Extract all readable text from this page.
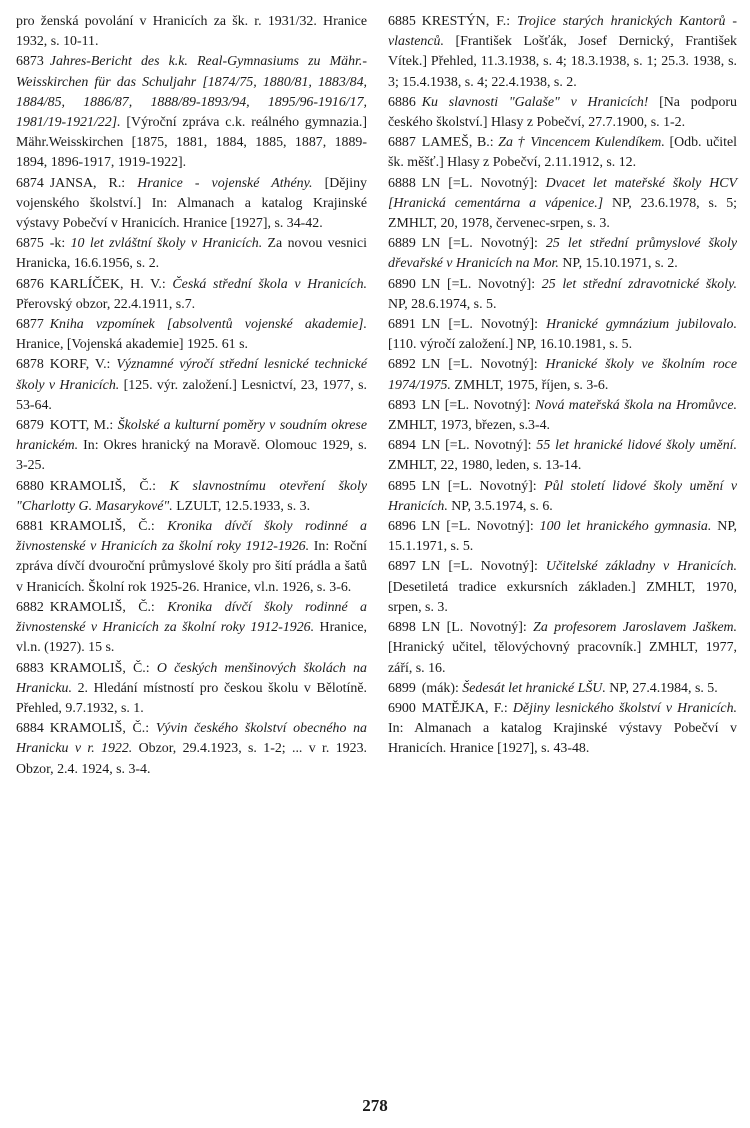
pro ženská povolání v Hranicích za šk. r. 1931/32. Hranice 1932, s. 10-11.

6873 Jahres-Bericht des k.k. Real-Gymnasiums zu Mähr.-Weisskirchen für das Schuljahr [1874/75, 1880/81, 1883/84, 1884/85, 1886/87, 1888/89-1893/94, 1895/96-1916/17, 1981/19-1921/22]. [Výroční zpráva c.k. reálného gymnazia.] Mähr.Weisskirchen [1875, 1881, 1884, 1885, 1887, 1889-1894, 1896-1917, 1919-1922].

6874 JANSA, R.: Hranice - vojenské Athény. [Dějiny vojenského školství.] In: Almanach a katalog Krajinské výstavy Pobečví v Hranicích. Hranice [1927], s. 34-42.

6875 -k: 10 let zvláštní školy v Hranicích. Za novou vesnici Hranicka, 16.6.1956, s. 2.

6876 KARLÍČEK, H. V.: Česká střední škola v Hranicích. Přerovský obzor, 22.4.1911, s.7.

6877 Kniha vzpomínek [absolventů vojenské akademie]. Hranice, [Vojenská akademie] 1925. 61 s.

6878 KORF, V.: Významné výročí střední lesnické technické školy v Hranicích. [125. výr. založení.] Lesnictví, 23, 1977, s. 53-64.

6879 KOTT, M.: Školské a kulturní poměry v soudním okrese hranickém. In: Okres hranický na Moravě. Olomouc 1929, s. 3-25.

6880 KRAMOLIŠ, Č.: K slavnostnímu otevření školy "Charlotty G. Masarykové". LZULT, 12.5.1933, s. 3.

6881 KRAMOLIŠ, Č.: Kronika dívčí školy rodinné a živnostenské v Hranicích za školní roky 1912-1926. In: Roční zpráva dívčí dvouroční průmyslové školy pro šití prádla a šatů v Hranicích. Školní rok 1925-26. Hranice, vl.n. 1926, s. 3-6.

6882 KRAMOLIŠ, Č.: Kronika dívčí školy rodinné a živnostenské v Hranicích za školní roky 1912-1926. Hranice, vl.n. (1927). 15 s.

6883 KRAMOLIŠ, Č.: O českých menšinových školách na Hranicku. 2. Hledání místností pro českou školu v Bělotíně. Přehled, 9.7.1932, s. 1.

6884 KRAMOLIŠ, Č.: Vývin českého školství obecného na Hranicku v r. 1922. Obzor, 29.4.1923, s. 1-2; ... v r. 1923. Obzor, 2.4. 1924, s. 3-4.

6885 KRESTÝN, F.: Trojice starých hranických Kantorů - vlastenců. [František Lošťák, Josef Dernický, František Vítek.] Přehled, 11.3.1938, s. 4; 18.3.1938, s. 1; 25.3. 1938, s. 3; 15.4.1938, s. 4; 22.4.1938, s. 2.

6886 Ku slavnosti "Galaše" v Hranicích! [Na podporu českého školství.] Hlasy z Pobečví, 27.7.1900, s. 1-2.

6887 LAMEŠ, B.: Za † Vincencem Kulendíkem. [Odb. učitel šk. měšť.] Hlasy z Pobečví, 2.11.1912, s. 12.

6888 LN [=L. Novotný]: Dvacet let mateřské školy HCV [Hranická cementárna a vápenice.] NP, 23.6.1978, s. 5; ZMHLT, 20, 1978, červenec-srpen, s. 3.

6889 LN [=L. Novotný]: 25 let střední průmyslové školy dřevařské v Hranicích na Mor. NP, 15.10.1971, s. 2.

6890 LN [=L. Novotný]: 25 let střední zdravotnické školy. NP, 28.6.1974, s. 5.

6891 LN [=L. Novotný]: Hranické gymnázium jubilovalo. [110. výročí založení.] NP, 16.10.1981, s. 5.

6892 LN [=L. Novotný]: Hranické školy ve školním roce 1974/1975. ZMHLT, 1975, říjen, s. 3-6.

6893 LN [=L. Novotný]: Nová mateřská škola na Hromůvce. ZMHLT, 1973, březen, s.3-4.

6894 LN [=L. Novotný]: 55 let hranické lidové školy umění. ZMHLT, 22, 1980, leden, s. 13-14.

6895 LN [=L. Novotný]: Půl století lidové školy umění v Hranicích. NP, 3.5.1974, s. 6.

6896 LN [=L. Novotný]: 100 let hranického gymnasia. NP, 15.1.1971, s. 5.

6897 LN [=L. Novotný]: Učitelské základny v Hranicích. [Desetiletá tradice exkursních základen.] ZMHLT, 1970, srpen, s. 3.

6898 LN [L. Novotný]: Za profesorem Jaroslavem Jaškem. [Hranický učitel, tělovýchovný pracovník.] ZMHLT, 1977, září, s. 16.

6899 (mák): Šedesát let hranické LŠU. NP, 27.4.1984, s. 5.

6900 MATĚJKA, F.: Dějiny lesnického školství v Hranicích. In: Almanach a katalog Krajinské výstavy Pobečví v Hranicích. Hranice [1927], s. 43-48.

278
